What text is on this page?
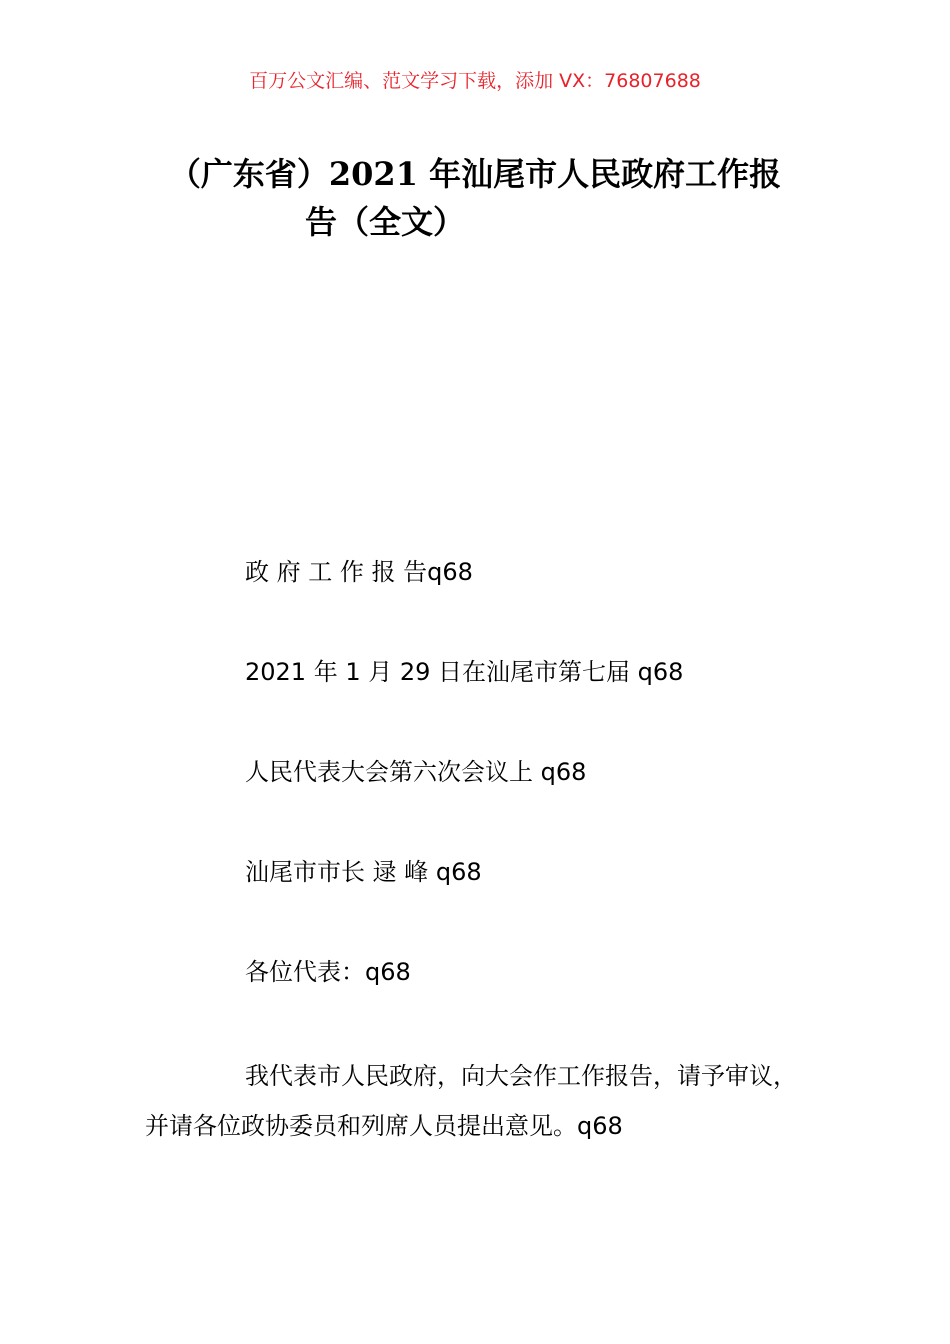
百万公文汇编、范文学习下载，添加 VX：76807688
（广东省）2021 年汕尾市人民政府工作报
告（全文）

政 府 工 作 报 告q68

2021 年 1 月 29 日在汕尾市第七届 q68

人民代表大会第六次会议上 q68

汕尾市市长 逯 峰 q68

各位代表：q68

我代表市人民政府，向大会作工作报告，请予审议，并请各位政协委员和列席人员提出意见。q68
